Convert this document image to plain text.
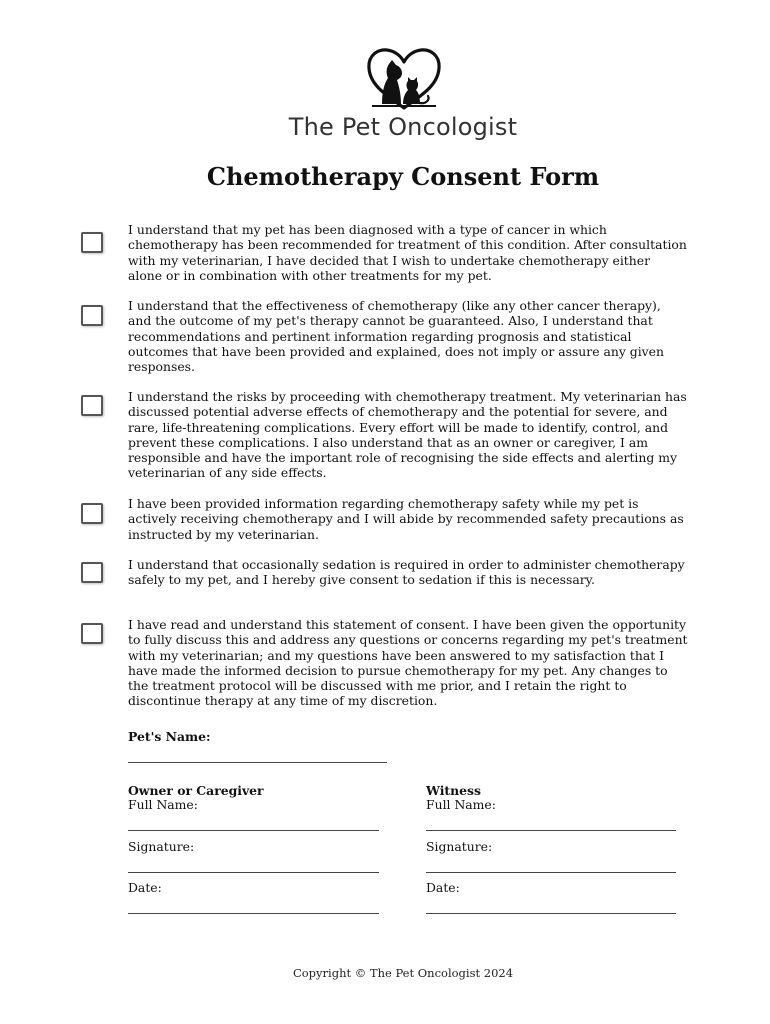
The Pet Oncologist
Chemotherapy Consent Form
I understand that my pet has been diagnosed with a type of cancer in which chemotherapy has been recommended for treatment of this condition. After consultation with my veterinarian, I have decided that I wish to undertake chemotherapy either alone or in combination with other treatments for my pet.
I understand that the effectiveness of chemotherapy (like any other cancer therapy), and the outcome of my pet's therapy cannot be guaranteed. Also, I understand that recommendations and pertinent information regarding prognosis and statistical outcomes that have been provided and explained, does not imply or assure any given responses.
I understand the risks by proceeding with chemotherapy treatment. My veterinarian has discussed potential adverse effects of chemotherapy and the potential for severe, and rare, life-threatening complications. Every effort will be made to identify, control, and prevent these complications. I also understand that as an owner or caregiver, I am responsible and have the important role of recognising the side effects and alerting my veterinarian of any side effects.
I have been provided information regarding chemotherapy safety while my pet is actively receiving chemotherapy and I will abide by recommended safety precautions as instructed by my veterinarian.
I understand that occasionally sedation is required in order to administer chemotherapy safely to my pet, and I hereby give consent to sedation if this is necessary.
I have read and understand this statement of consent. I have been given the opportunity to fully discuss this and address any questions or concerns regarding my pet's treatment with my veterinarian; and my questions have been answered to my satisfaction that I have made the informed decision to pursue chemotherapy for my pet. Any changes to the treatment protocol will be discussed with me prior, and I retain the right to discontinue therapy at any time of my discretion.
Pet's Name:
Owner or Caregiver
Full Name:
Signature:
Date:
Witness
Full Name:
Signature:
Date:
Copyright © The Pet Oncologist 2024
